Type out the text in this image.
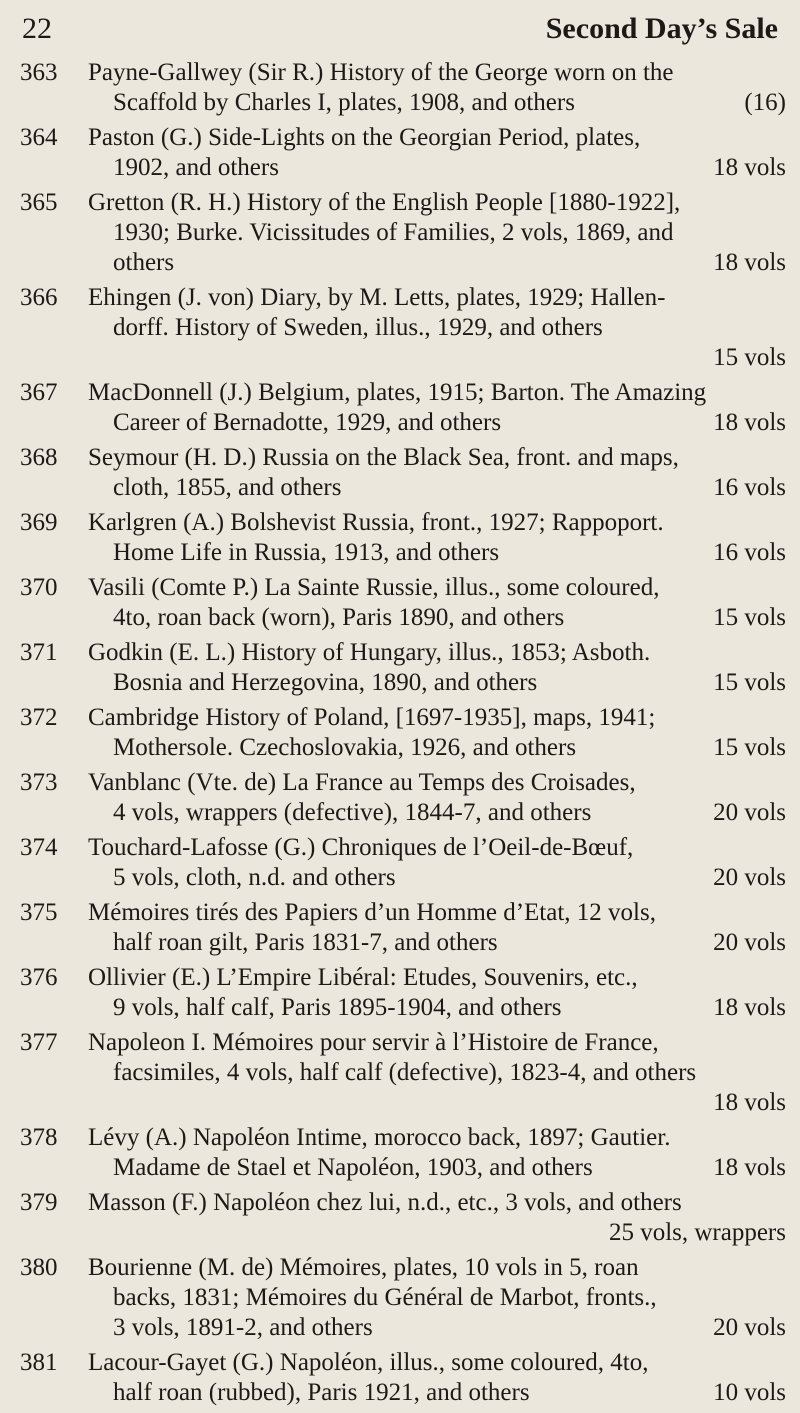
22	Second Day’s Sale
363 Payne-Gallwey (Sir R.) History of the George worn on the
Scaffold by Charles I, plates, 1908, and others	(16)
364 Paston (G.) Side-Lights on the Georgian Period, plates,
1902, and others	18 vols
365 Gretton (R. H.) History of the English People [1880-1922],
1930; Burke. Vicissitudes of Families, 2 vols, 1869, and
others	18 vols
366 Ehingen (J. von) Diary, by M. Letts, plates, 1929; Hallen-
dorff. History of Sweden, illus., 1929, and others
15 vols
367 MacDonnell (J.) Belgium, plates, 1915; Barton. The Amazing
Career of Bernadotte, 1929, and others	18 vols
368 Seymour (H. D.) Russia on the Black Sea, front. and maps,
cloth, 1855, and others	16 vols
369 Karlgren (A.) Bolshevist Russia, front., 1927; Rappoport.
Home Life in Russia, 1913, and others	16 vols
370 Vasili (Comte P.) La Sainte Russie, illus., some coloured,
4to, roan back (worn), Paris 1890, and others	15 vols
371 Godkin (E. L.) History of Hungary, illus., 1853; Asboth.
Bosnia and Herzegovina, 1890, and others	15 vols
372 Cambridge History of Poland, [1697-1935], maps, 1941;
Mothersole. Czechoslovakia, 1926, and others	15 vols
373 Vanblanc (Vte. de) La France au Temps des Croisades,
4 vols, wrappers (defective), 1844-7, and others	20 vols
374 Touchard-Lafosse (G.) Chroniques de l’Oeil-de-Bœuf,
5 vols, cloth, n.d. and others	20 vols
375 Mémoires tirés des Papiers d’un Homme d’Etat, 12 vols,
half roan gilt, Paris 1831-7, and others	20 vols
376 Ollivier (E.) L’Empire Libéral: Etudes, Souvenirs, etc.,
9 vols, half calf, Paris 1895-1904, and others	18 vols
377 Napoleon I. Mémoires pour servir à l’Histoire de France,
facsimiles, 4 vols, half calf (defective), 1823-4, and others
18 vols
378 Lévy (A.) Napoléon Intime, morocco back, 1897; Gautier.
Madame de Stael et Napoléon, 1903, and others	18 vols
379 Masson (F.) Napoléon chez lui, n.d., etc., 3 vols, and others
25 vols, wrappers
380 Bourienne (M. de) Mémoires, plates, 10 vols in 5, roan
backs, 1831; Mémoires du Général de Marbot, fronts.,
3 vols, 1891-2, and others	20 vols
381 Lacour-Gayet (G.) Napoléon, illus., some coloured, 4to,
half roan (rubbed), Paris 1921, and others	10 vols
